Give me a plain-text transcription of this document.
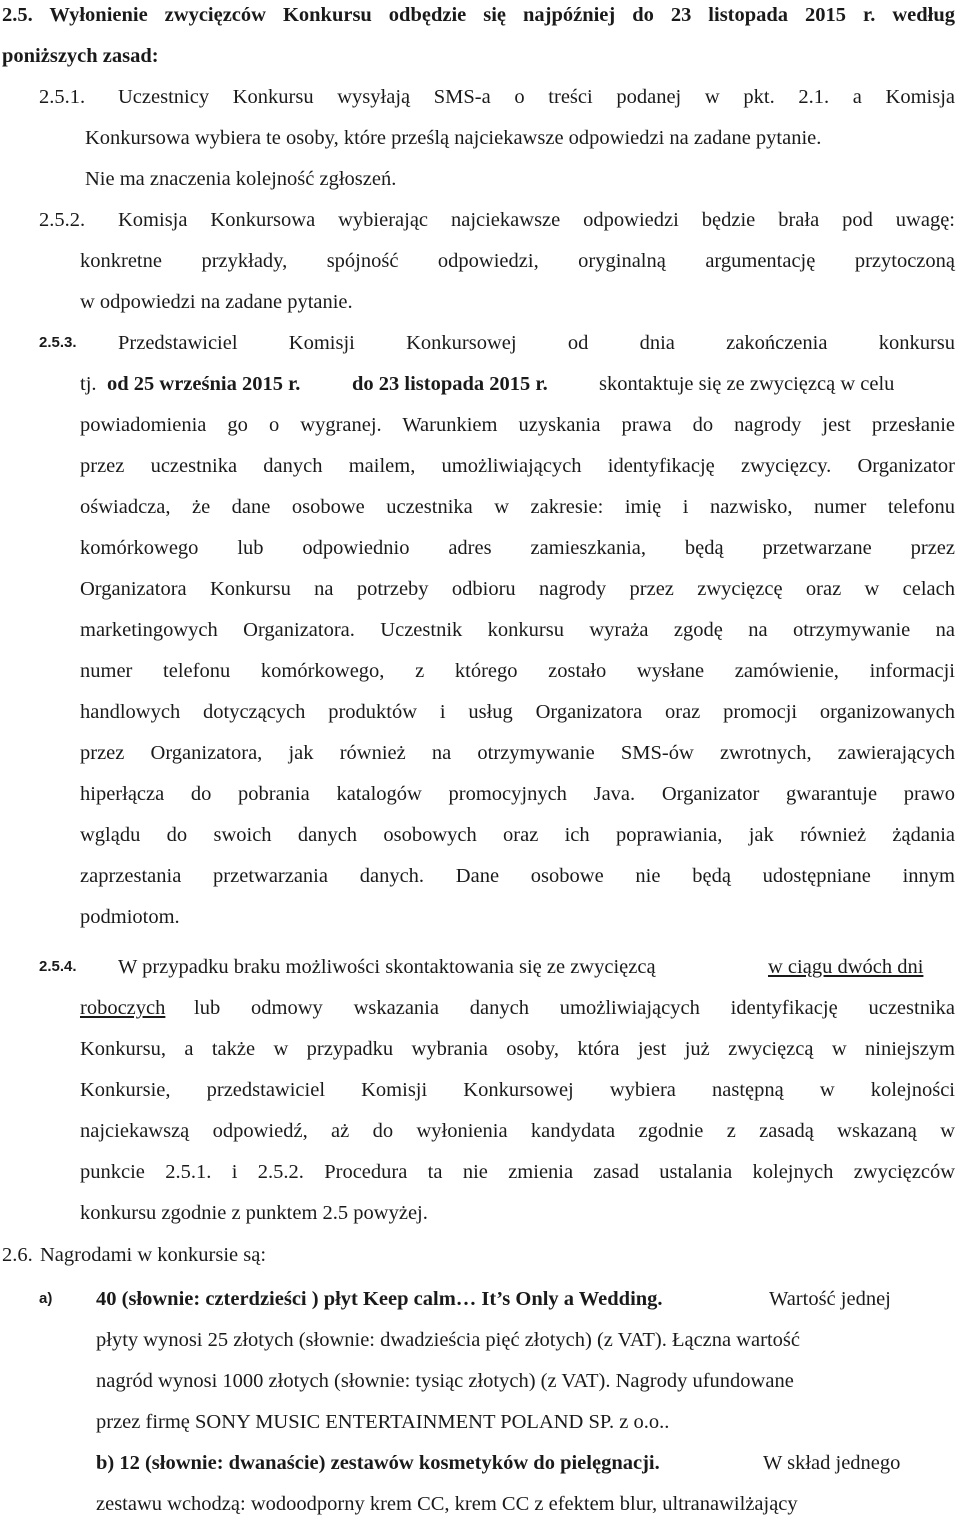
2.5. Wyłonienie zwycięzców Konkursu odbędzie się najpóźniej do 23 listopada 2015 r. według
poniższych zasad:
2.5.1. Uczestnicy Konkursu wysyłają SMS-a o treści podanej w pkt. 2.1. a Komisja
Konkursowa wybiera te osoby, które prześlą najciekawsze odpowiedzi na zadane pytanie.
Nie ma znaczenia kolejność zgłoszeń.
2.5.2. Komisja Konkursowa wybierając najciekawsze odpowiedzi będzie brała pod uwagę:
konkretne przykłady, spójność odpowiedzi, oryginalną argumentację przytoczoną
w odpowiedzi na zadane pytanie.
2.5.3. Przedstawiciel Komisji Konkursowej od dnia zakończenia konkursu
tj. od 25 września 2015 r.	do 23 listopada 2015 r.	skontaktuje się ze zwycięzcą w celu
powiadomienia go o wygranej. Warunkiem uzyskania prawa do nagrody jest przesłanie
przez uczestnika danych mailem, umożliwiających identyfikację zwycięzcy. Organizator
oświadcza, że dane osobowe uczestnika w zakresie: imię i nazwisko, numer telefonu
komórkowego lub odpowiednio adres zamieszkania, będą przetwarzane przez
Organizatora Konkursu na potrzeby odbioru nagrody przez zwycięzcę oraz w celach
marketingowych Organizatora. Uczestnik konkursu wyraża zgodę na otrzymywanie na
numer telefonu komórkowego, z którego zostało wysłane zamówienie, informacji
handlowych dotyczących produktów i usług Organizatora oraz promocji organizowanych
przez Organizatora, jak również na otrzymywanie SMS-ów zwrotnych, zawierających
hiperłącza do pobrania katalogów promocyjnych Java. Organizator gwarantuje prawo
wglądu do swoich danych osobowych oraz ich poprawiania, jak również żądania
zaprzestania przetwarzania danych. Dane osobowe nie będą udostępniane innym
podmiotom.
2.5.4. W przypadku braku możliwości skontaktowania się ze zwycięzcą	w ciągu dwóch dni
roboczych lub odmowy wskazania danych umożliwiających identyfikację uczestnika
Konkursu, a także w przypadku wybrania osoby, która jest już zwycięzcą w niniejszym
Konkursie, przedstawiciel Komisji Konkursowej wybiera następną w kolejności
najciekawszą odpowiedź, aż do wyłonienia kandydata zgodnie z zasadą wskazaną w
punkcie 2.5.1. i 2.5.2. Procedura ta nie zmienia zasad ustalania kolejnych zwycięzców
konkursu zgodnie z punktem 2.5 powyżej.
2.6. Nagrodami w konkursie są:
a) 40 (słownie: czterdzieści ) płyt Keep calm… It’s Only a Wedding.	Wartość jednej
płyty wynosi 25 złotych (słownie: dwadzieścia pięć złotych) (z VAT). Łączna wartość
nagród wynosi 1000 złotych (słownie: tysiąc złotych) (z VAT). Nagrody ufundowane
przez firmę SONY MUSIC ENTERTAINMENT POLAND SP. z o.o..
b) 12 (słownie: dwanaście) zestawów kosmetyków do pielęgnacji.	W skład jednego
zestawu wchodzą: wodoodporny krem CC, krem CC z efektem blur, ultranawilżający
